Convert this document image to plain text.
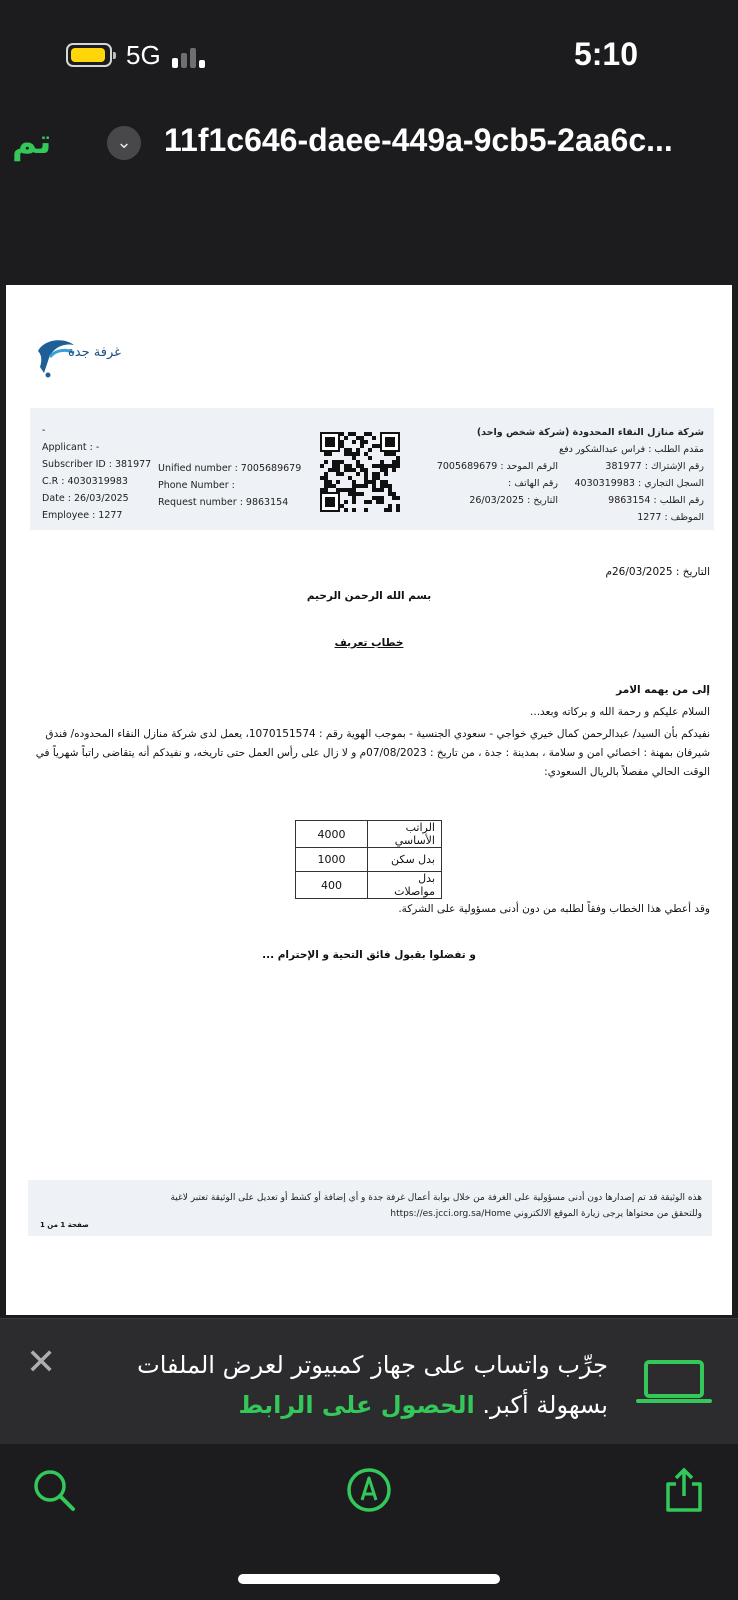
5G	5:10
تم	⌄ 11f1c646-daee-449a-9cb5-2aa6c...
غرفة جدة
-
Applicant : -
Subscriber ID : 381977
C.R : 4030319983
Date : 26/03/2025
Employee : 1277
Unified number : 7005689679
Phone Number :
Request number : 9863154
الرقم الموحد : 7005689679
رقم الهاتف :
التاريخ : 26/03/2025
شركة منازل النقاء المحدودة (شركة شخص واحد)
مقدم الطلب : فراس عبدالشكور دفع
رقم الإشتراك : 381977
السجل التجاري : 4030319983
رقم الطلب : 9863154
الموظف : 1277
التاريخ : 26/03/2025م
بسم الله الرحمن الرحيم
خطاب تعريف
إلى من يهمه الامر
السلام عليكم و رحمة الله و بركاته وبعد...
نفيدكم بأن السيد/ عبدالرحمن كمال خيري خواجي - سعودي الجنسية - بموجب الهوية رقم : 1070151574، يعمل لدى شركة منازل النقاء المحدوده/ فندق شيرفان بمهنة : اخصائي امن و سلامة ، بمدينة : جدة ، من تاريخ : 07/08/2023م و لا زال على رأس العمل حتى تاريخه، و نفيدكم أنه يتقاضى راتباً شهرياً في الوقت الحالي مفصلاً بالريال السعودي:
الراتب الأساسي	4000
بدل سكن	1000
بدل مواصلات	400
وقد أعطي هذا الخطاب وفقاً لطلبه من دون أدنى مسؤولية على الشركة.
و تفضلوا بقبول فائق التحية و الإحترام ...
هذه الوثيقة قد تم إصدارها دون أدنى مسؤولية على الغرفة من خلال بوابة أعمال غرفة جدة و أي إضافة أو كشط أو تعديل على الوثيقة تعتبر لاغية
وللتحقق من محتواها يرجى زيارة الموقع الالكتروني https://es.jcci.org.sa/Home
صفحة 1 من 1
✕	جرِّب واتساب على جهاز كمبيوتر لعرض الملفات بسهولة أكبر. الحصول على الرابط
